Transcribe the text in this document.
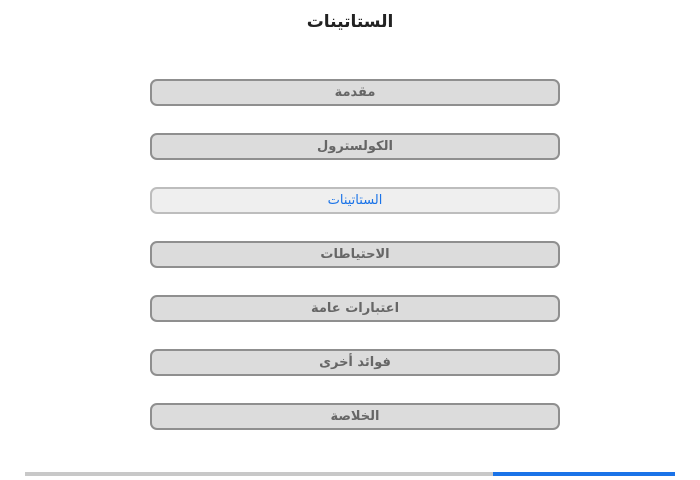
الستاتينات
مقدمة
الكولسترول
الستاتينات
الاحتياطات
اعتبارات عامة
فوائد أخرى
الخلاصة
